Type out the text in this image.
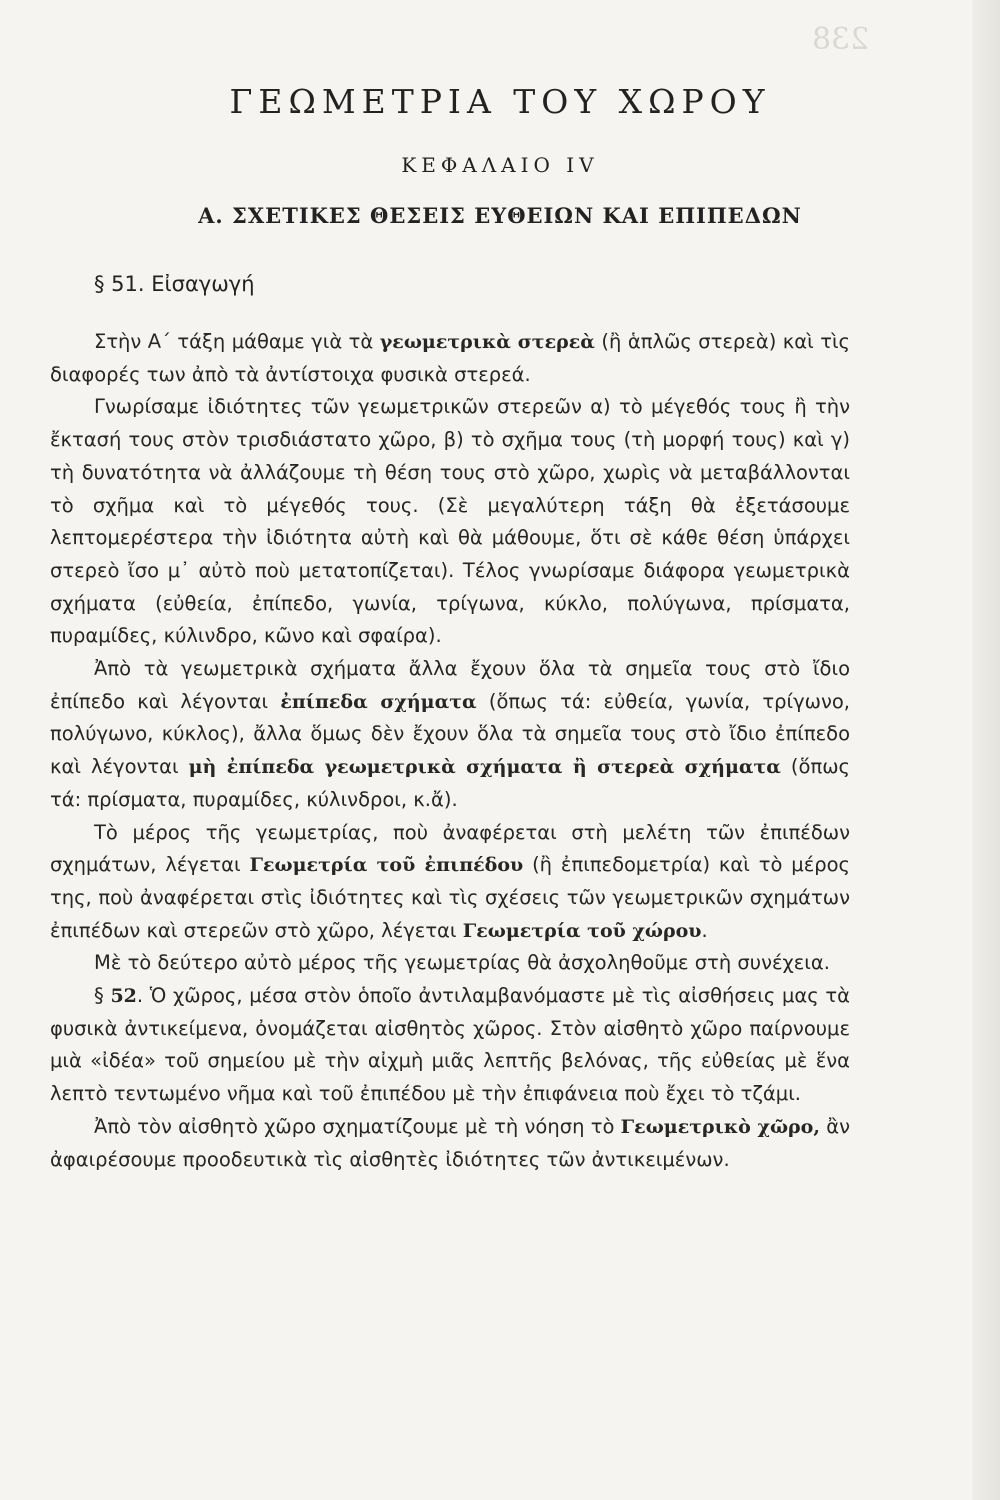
238
ΓΕΩΜΕΤΡΙΑ ΤΟΥ ΧΩΡΟΥ
ΚΕΦΑΛΑΙΟ IV
Α. ΣΧΕΤΙΚΕΣ ΘΕΣΕΙΣ ΕΥΘΕΙΩΝ ΚΑΙ ΕΠΙΠΕΔΩΝ
§ 51. Εἰσαγωγή

Στὴν Α΄ τάξη μάθαμε γιὰ τὰ γεωμετρικὰ στερεὰ (ἢ ἁπλῶς στερεὰ) καὶ τὶς διαφορές των ἀπὸ τὰ ἀντίστοιχα φυσικὰ στερεά.

Γνωρίσαμε ἰδιότητες τῶν γεωμετρικῶν στερεῶν α) τὸ μέγεθός τους ἢ τὴν ἔκτασή τους στὸν τρισδιάστατο χῶρο, β) τὸ σχῆμα τους (τὴ μορφή τους) καὶ γ) τὴ δυνατότητα νὰ ἀλλάζουμε τὴ θέση τους στὸ χῶρο, χωρὶς νὰ μεταβάλλονται τὸ σχῆμα καὶ τὸ μέγεθός τους. (Σὲ μεγαλύτερη τάξη θὰ ἐξετάσουμε λεπτομερέστερα τὴν ἰδιότητα αὐτὴ καὶ θὰ μάθουμε, ὅτι σὲ κάθε θέση ὑπάρχει στερεὸ ἴσο μ᾽ αὐτὸ ποὺ μετατοπίζεται). Τέλος γνωρίσαμε διάφορα γεωμετρικὰ σχήματα (εὐθεία, ἐπίπεδο, γωνία, τρίγωνα, κύκλο, πολύγωνα, πρίσματα, πυραμίδες, κύλινδρο, κῶνο καὶ σφαίρα).

Ἀπὸ τὰ γεωμετρικὰ σχήματα ἄλλα ἔχουν ὅλα τὰ σημεῖα τους στὸ ἴδιο ἐπίπεδο καὶ λέγονται ἐπίπεδα σχήματα (ὅπως τά: εὐθεία, γωνία, τρίγωνο, πολύγωνο, κύκλος), ἄλλα ὅμως δὲν ἔχουν ὅλα τὰ σημεῖα τους στὸ ἴδιο ἐπίπεδο καὶ λέγονται μὴ ἐπίπεδα γεωμετρικὰ σχήματα ἢ στερεὰ σχήματα (ὅπως τά: πρίσματα, πυραμίδες, κύλινδροι, κ.ἄ).

Τὸ μέρος τῆς γεωμετρίας, ποὺ ἀναφέρεται στὴ μελέτη τῶν ἐπιπέδων σχημάτων, λέγεται Γεωμετρία τοῦ ἐπιπέδου (ἢ ἐπιπεδομετρία) καὶ τὸ μέρος της, ποὺ ἀναφέρεται στὶς ἰδιότητες καὶ τὶς σχέσεις τῶν γεωμετρικῶν σχημάτων ἐπιπέδων καὶ στερεῶν στὸ χῶρο, λέγεται Γεωμετρία τοῦ χώρου.

Μὲ τὸ δεύτερο αὐτὸ μέρος τῆς γεωμετρίας θὰ ἀσχοληθοῦμε στὴ συνέχεια.

§ 52. Ὁ χῶρος, μέσα στὸν ὁποῖο ἀντιλαμβανόμαστε μὲ τὶς αἰσθήσεις μας τὰ φυσικὰ ἀντικείμενα, ὀνομάζεται αἰσθητὸς χῶρος. Στὸν αἰσθητὸ χῶρο παίρνουμε μιὰ «ἰδέα» τοῦ σημείου μὲ τὴν αἰχμὴ μιᾶς λεπτῆς βελόνας, τῆς εὐθείας μὲ ἕνα λεπτὸ τεντωμένο νῆμα καὶ τοῦ ἐπιπέδου μὲ τὴν ἐπιφάνεια ποὺ ἔχει τὸ τζάμι.

Ἀπὸ τὸν αἰσθητὸ χῶρο σχηματίζουμε μὲ τὴ νόηση τὸ Γεωμετρικὸ χῶρο, ἂν ἀφαιρέσουμε προοδευτικὰ τὶς αἰσθητὲς ἰδιότητες τῶν ἀντικειμένων.
